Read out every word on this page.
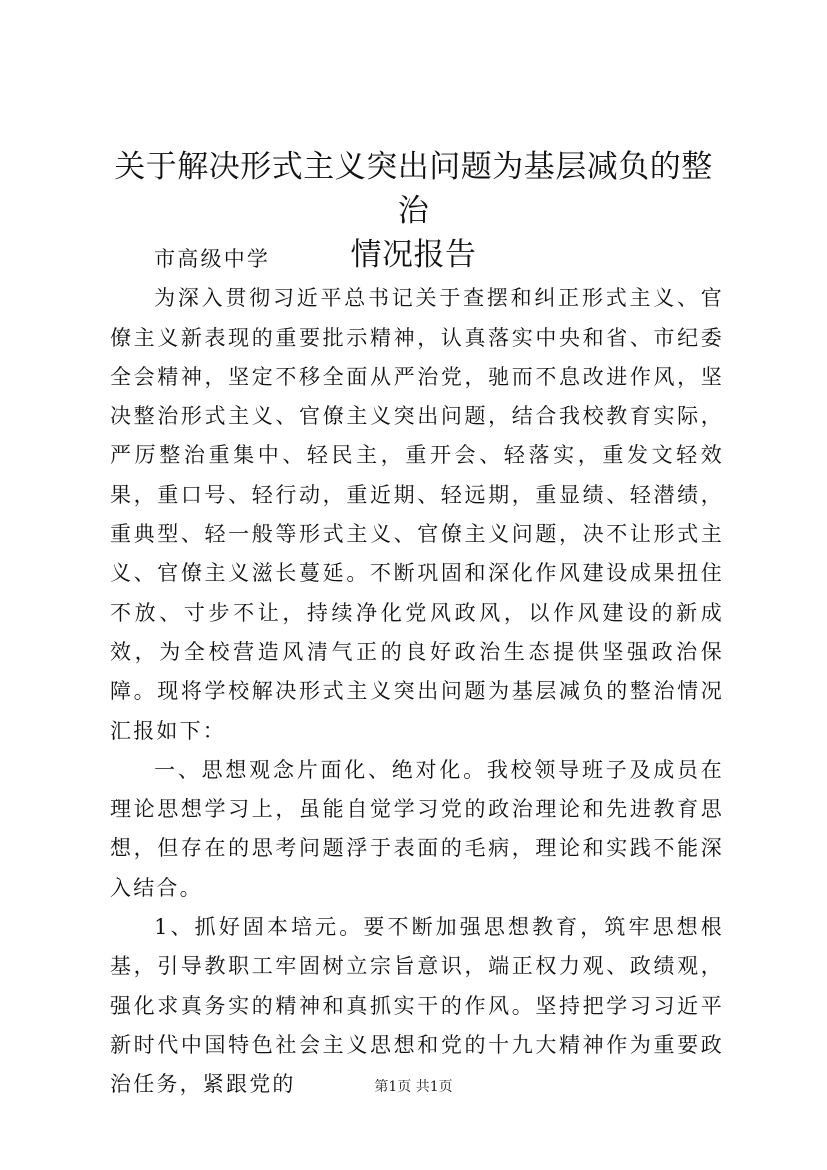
关于解决形式主义突出问题为基层减负的整治
情况报告

市高级中学

为深入贯彻习近平总书记关于查摆和纠正形式主义、官僚主义新表现的重要批示精神，认真落实中央和省、市纪委全会精神，坚定不移全面从严治党，驰而不息改进作风，坚决整治形式主义、官僚主义突出问题，结合我校教育实际，严厉整治重集中、轻民主，重开会、轻落实，重发文轻效果，重口号、轻行动，重近期、轻远期，重显绩、轻潜绩，重典型、轻一般等形式主义、官僚主义问题，决不让形式主义、官僚主义滋长蔓延。不断巩固和深化作风建设成果扭住不放、寸步不让，持续净化党风政风，以作风建设的新成效，为全校营造风清气正的良好政治生态提供坚强政治保障。现将学校解决形式主义突出问题为基层减负的整治情况汇报如下：

一、思想观念片面化、绝对化。我校领导班子及成员在理论思想学习上，虽能自觉学习党的政治理论和先进教育思想，但存在的思考问题浮于表面的毛病，理论和实践不能深入结合。

1、抓好固本培元。要不断加强思想教育，筑牢思想根基，引导教职工牢固树立宗旨意识，端正权力观、政绩观，强化求真务实的精神和真抓实干的作风。坚持把学习习近平新时代中国特色社会主义思想和党的十九大精神作为重要政治任务，紧跟党的	第1页 共1页
